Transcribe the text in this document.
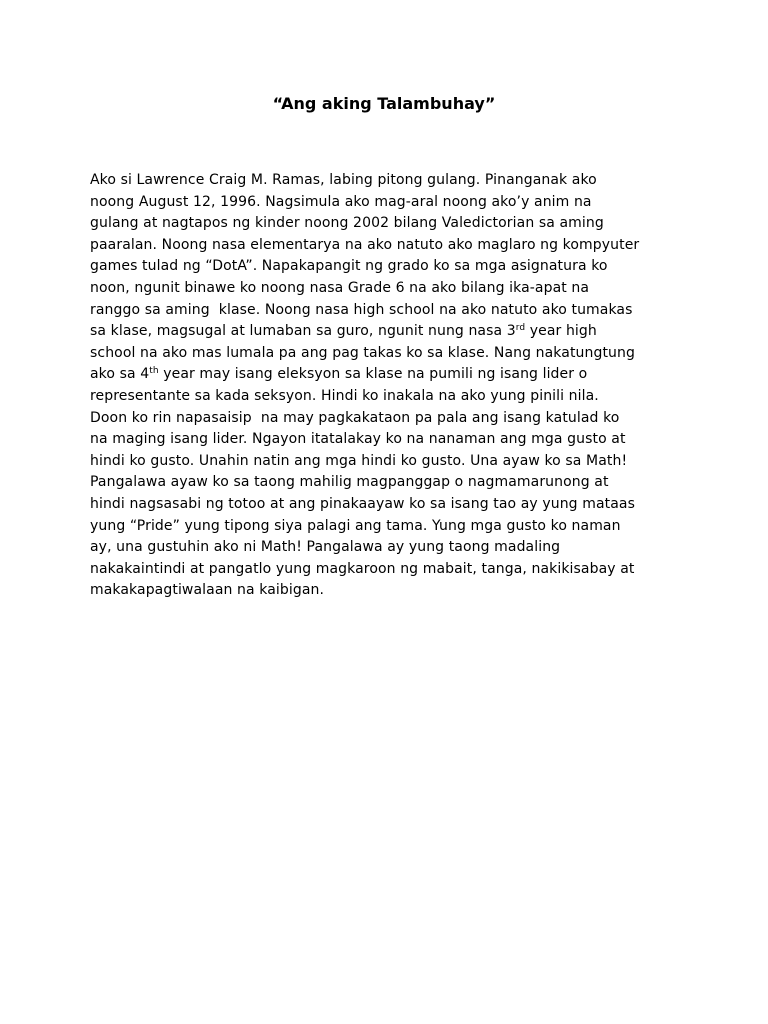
“Ang aking Talambuhay”
Ako si Lawrence Craig M. Ramas, labing pitong gulang. Pinanganak ako
noong August 12, 1996. Nagsimula ako mag-aral noong ako’y anim na
gulang at nagtapos ng kinder noong 2002 bilang Valedictorian sa aming
paaralan. Noong nasa elementarya na ako natuto ako maglaro ng kompyuter
games tulad ng “DotA”. Napakapangit ng grado ko sa mga asignatura ko
noon, ngunit binawe ko noong nasa Grade 6 na ako bilang ika-apat na
ranggo sa aming  klase. Noong nasa high school na ako natuto ako tumakas
sa klase, magsugal at lumaban sa guro, ngunit nung nasa 3rd year high
school na ako mas lumala pa ang pag takas ko sa klase. Nang nakatungtung
ako sa 4th year may isang eleksyon sa klase na pumili ng isang lider o
representante sa kada seksyon. Hindi ko inakala na ako yung pinili nila.
Doon ko rin napasaisip  na may pagkakataon pa pala ang isang katulad ko
na maging isang lider. Ngayon itatalakay ko na nanaman ang mga gusto at
hindi ko gusto. Unahin natin ang mga hindi ko gusto. Una ayaw ko sa Math!
Pangalawa ayaw ko sa taong mahilig magpanggap o nagmamarunong at
hindi nagsasabi ng totoo at ang pinakaayaw ko sa isang tao ay yung mataas
yung “Pride” yung tipong siya palagi ang tama. Yung mga gusto ko naman
ay, una gustuhin ako ni Math! Pangalawa ay yung taong madaling
nakakaintindi at pangatlo yung magkaroon ng mabait, tanga, nakikisabay at
makakapagtiwalaan na kaibigan.
